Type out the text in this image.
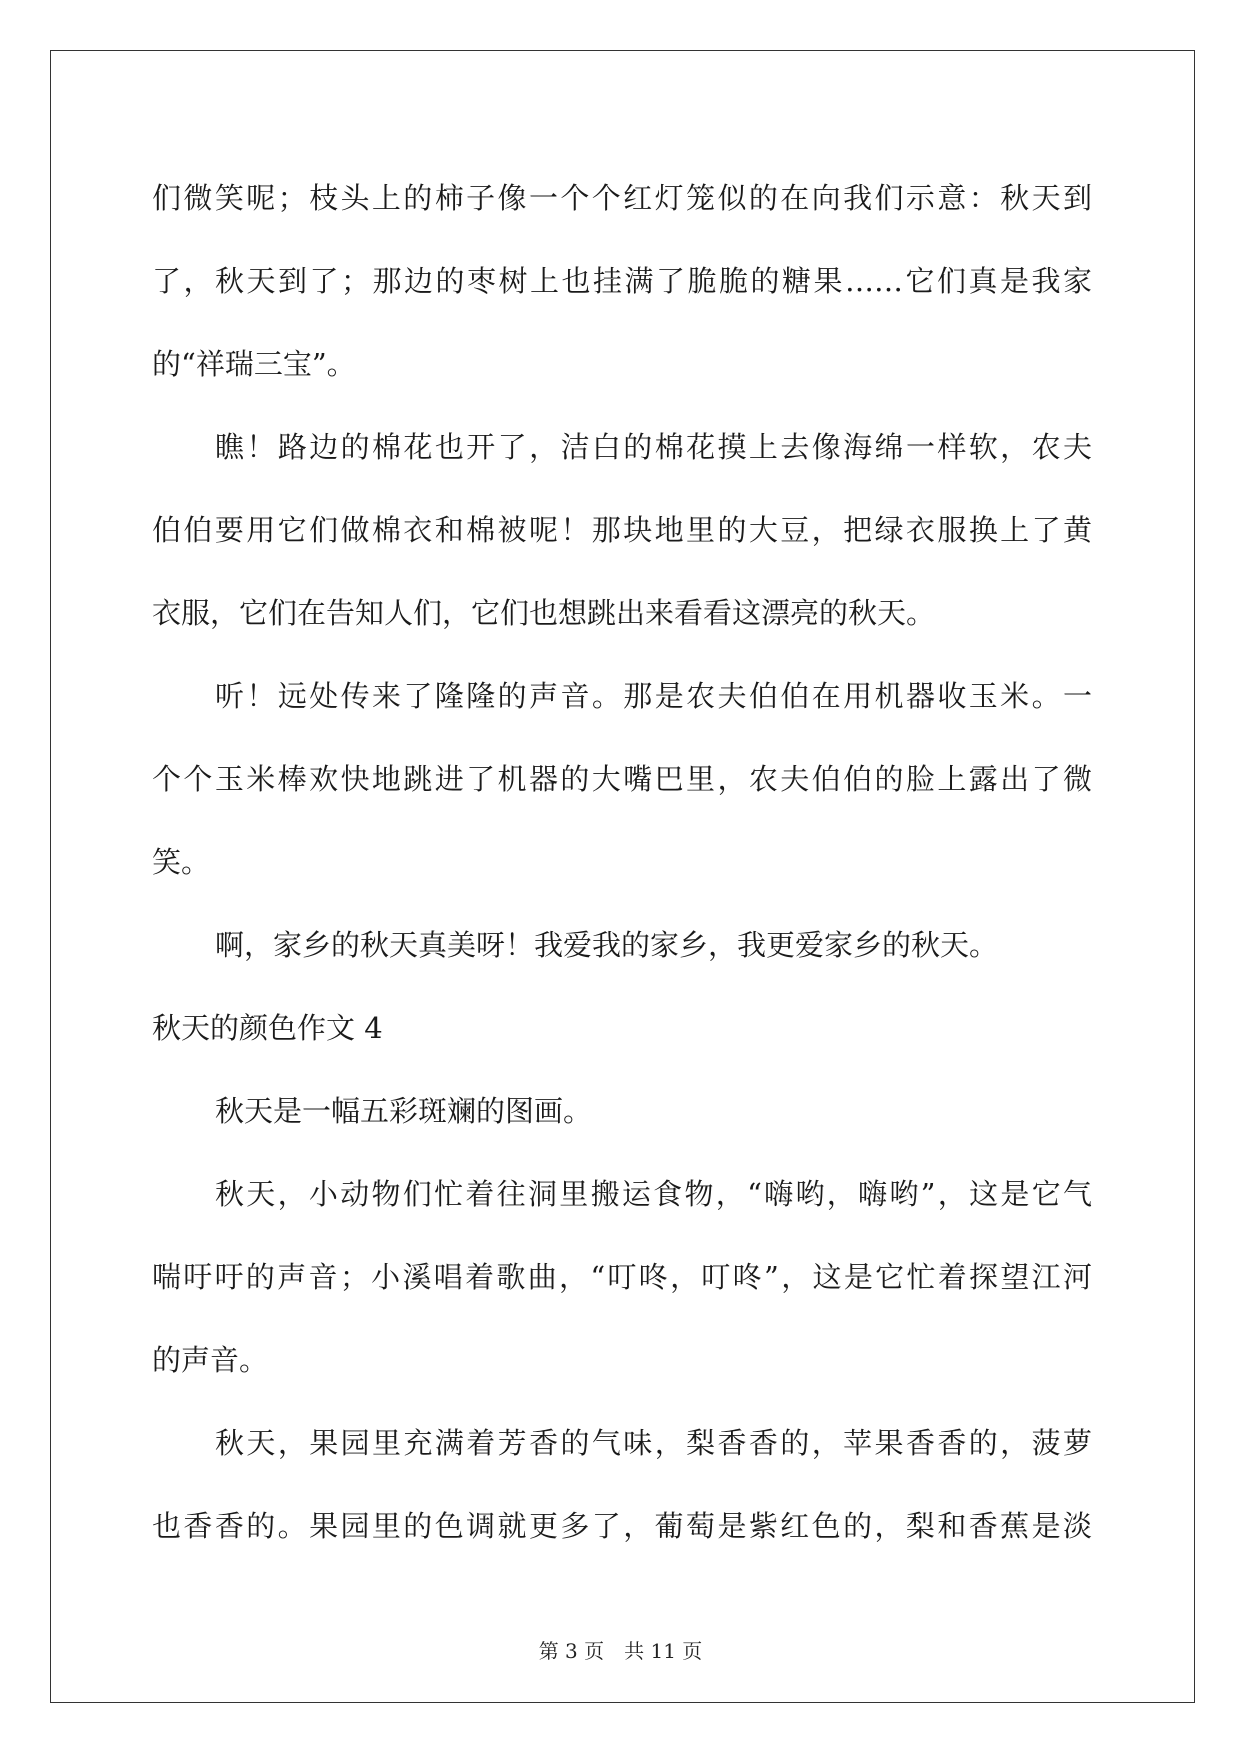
们微笑呢；枝头上的柿子像一个个红灯笼似的在向我们示意：秋天到
了，秋天到了；那边的枣树上也挂满了脆脆的糖果……它们真是我家
的“祥瑞三宝”。
瞧！路边的棉花也开了，洁白的棉花摸上去像海绵一样软，农夫
伯伯要用它们做棉衣和棉被呢！那块地里的大豆，把绿衣服换上了黄
衣服，它们在告知人们，它们也想跳出来看看这漂亮的秋天。
听！远处传来了隆隆的声音。那是农夫伯伯在用机器收玉米。一
个个玉米棒欢快地跳进了机器的大嘴巴里，农夫伯伯的脸上露出了微
笑。
啊，家乡的秋天真美呀！我爱我的家乡，我更爱家乡的秋天。
秋天的颜色作文 4
秋天是一幅五彩斑斓的图画。
秋天，小动物们忙着往洞里搬运食物，“嗨哟，嗨哟”，这是它气
喘吁吁的声音；小溪唱着歌曲，“叮咚，叮咚”，这是它忙着探望江河
的声音。
秋天，果园里充满着芳香的气味，梨香香的，苹果香香的，菠萝
也香香的。果园里的色调就更多了，葡萄是紫红色的，梨和香蕉是淡
第 3 页　共 11 页
